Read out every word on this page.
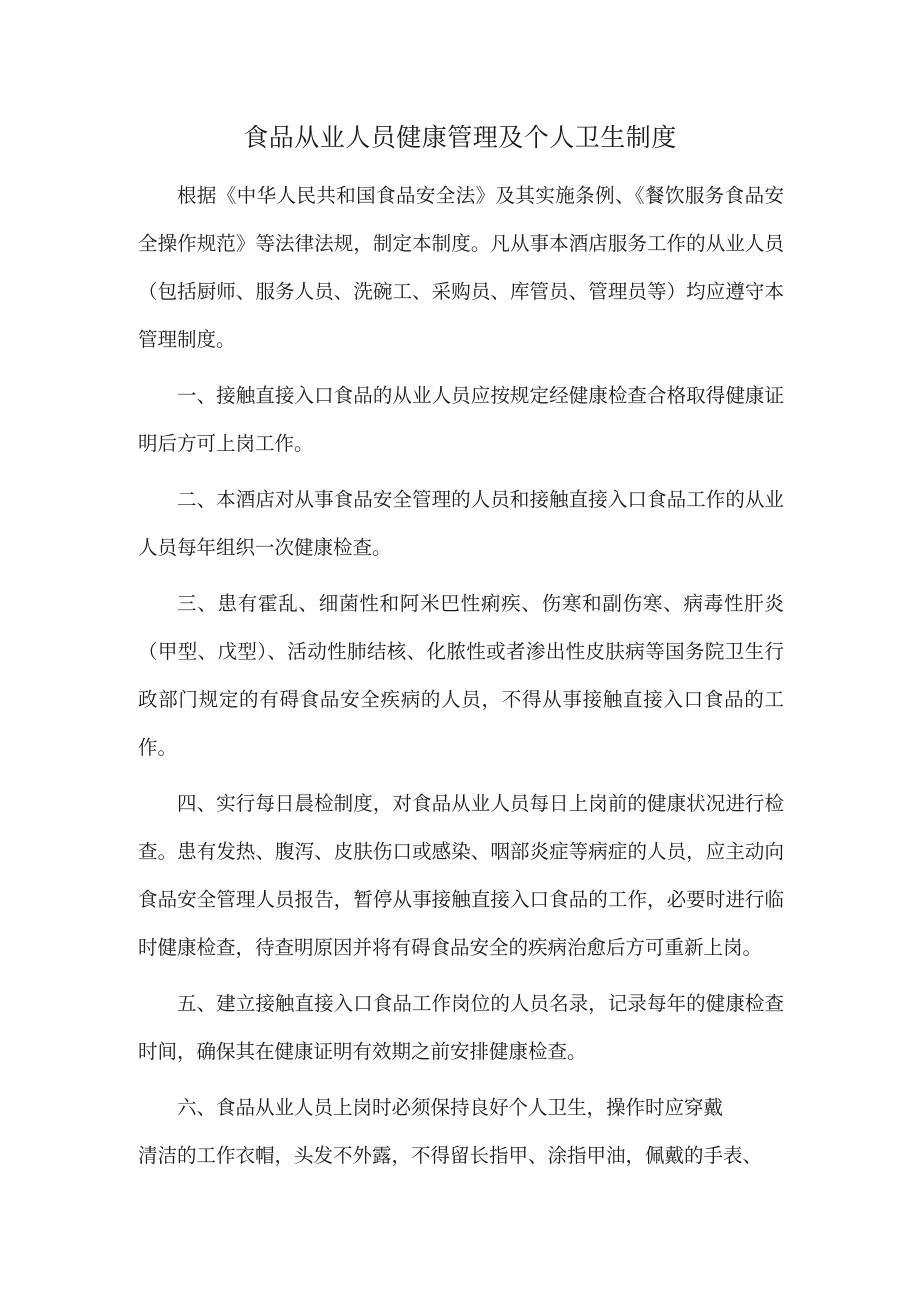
食品从业人员健康管理及个人卫生制度

根据《中华人民共和国食品安全法》及其实施条例、《餐饮服务食品安全操作规范》等法律法规，制定本制度。凡从事本酒店服务工作的从业人员（包括厨师、服务人员、洗碗工、采购员、库管员、管理员等）均应遵守本管理制度。

一、接触直接入口食品的从业人员应按规定经健康检查合格取得健康证明后方可上岗工作。

二、本酒店对从事食品安全管理的人员和接触直接入口食品工作的从业人员每年组织一次健康检查。

三、患有霍乱、细菌性和阿米巴性痢疾、伤寒和副伤寒、病毒性肝炎（甲型、戊型）、活动性肺结核、化脓性或者渗出性皮肤病等国务院卫生行政部门规定的有碍食品安全疾病的人员，不得从事接触直接入口食品的工作。

四、实行每日晨检制度，对食品从业人员每日上岗前的健康状况进行检查。患有发热、腹泻、皮肤伤口或感染、咽部炎症等病症的人员，应主动向食品安全管理人员报告，暂停从事接触直接入口食品的工作，必要时进行临时健康检查，待查明原因并将有碍食品安全的疾病治愈后方可重新上岗。

五、建立接触直接入口食品工作岗位的人员名录，记录每年的健康检查时间，确保其在健康证明有效期之前安排健康检查。

六、食品从业人员上岗时必须保持良好个人卫生，操作时应穿戴
清洁的工作衣帽，头发不外露，不得留长指甲、涂指甲油，佩戴的手表、
